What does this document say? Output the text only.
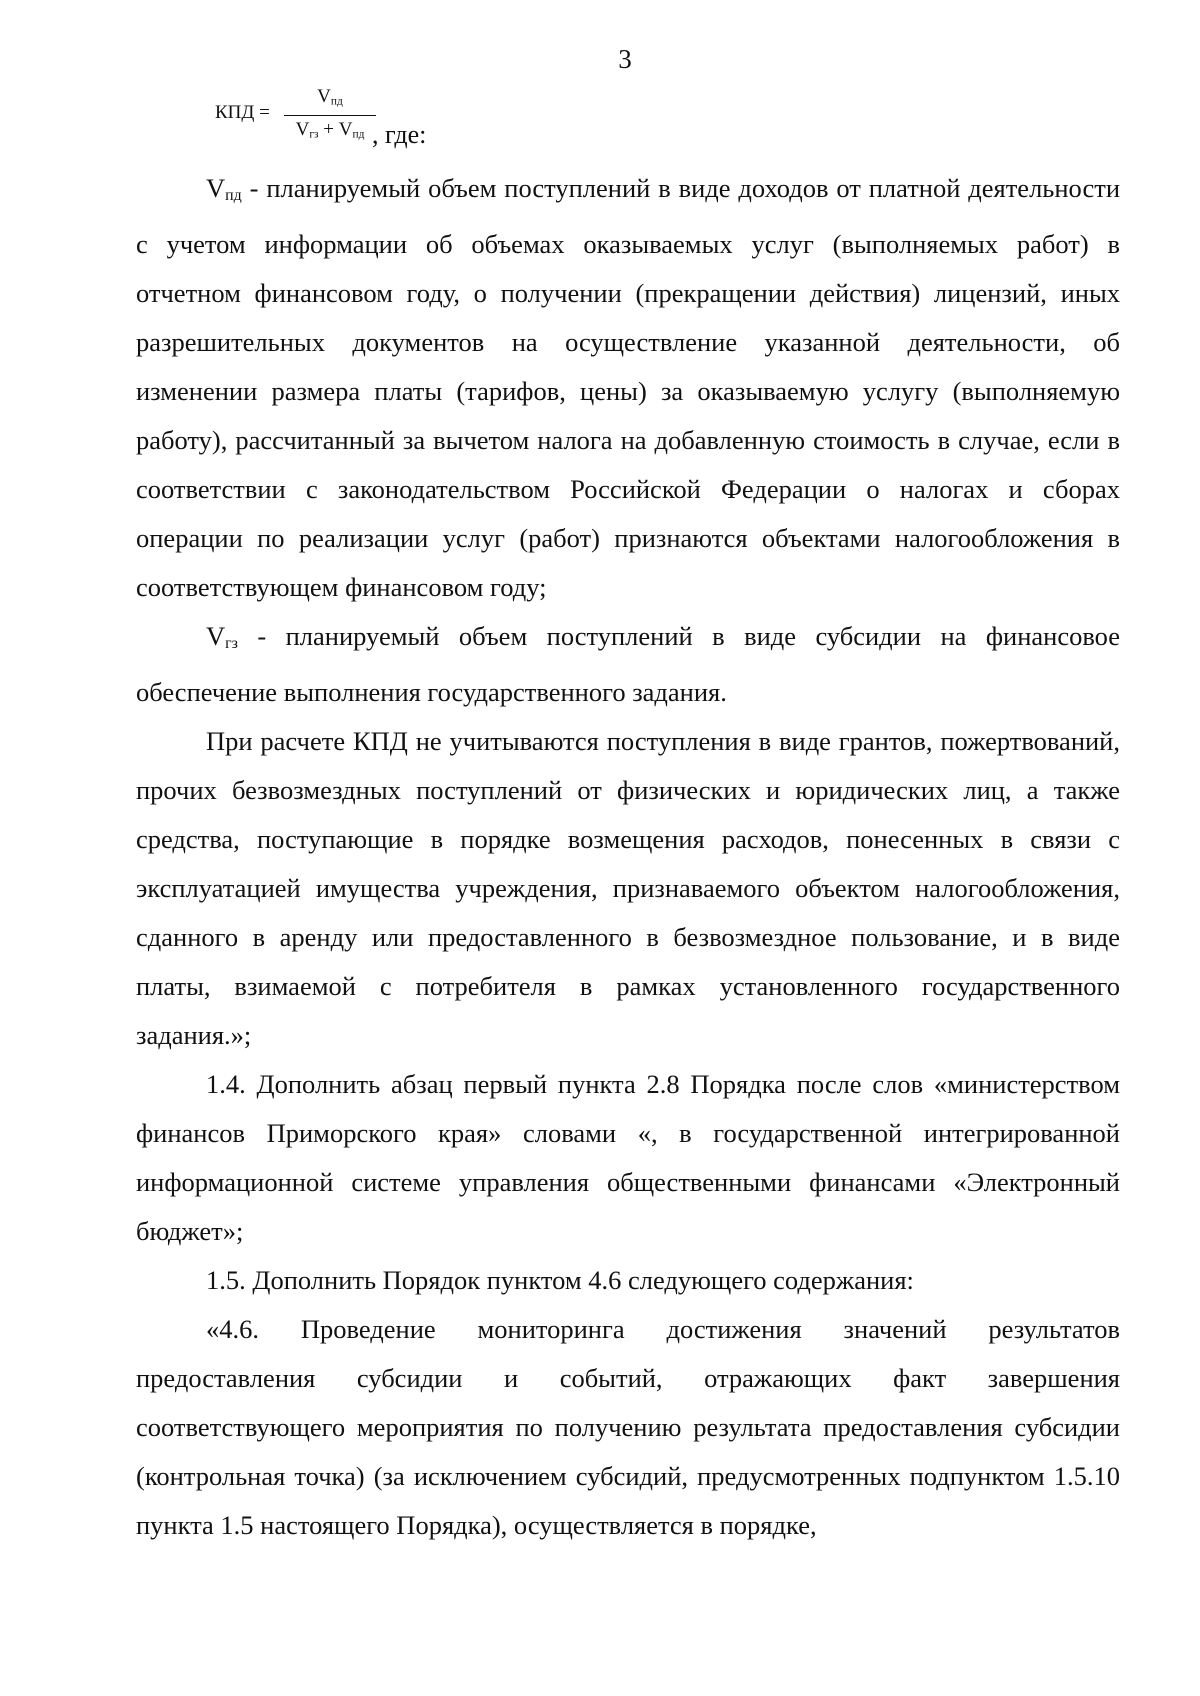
3
КПД =
$V_{пд}$
$V_{гз} + V_{пд}$ , где:

$V_{пд}$ - планируемый объем поступлений в виде доходов от платной деятельности с учетом информации об объемах оказываемых услуг (выполняемых работ) в отчетном финансовом году, о получении (прекращении действия) лицензий, иных разрешительных документов на осуществление указанной деятельности, об изменении размера платы (тарифов, цены) за оказываемую услугу (выполняемую работу), рассчитанный за вычетом налога на добавленную стоимость в случае, если в соответствии с законодательством Российской Федерации о налогах и сборах операции по реализации услуг (работ) признаются объектами налогообложения в соответствующем финансовом году;

$V_{гз}$ - планируемый объем поступлений в виде субсидии на финансовое обеспечение выполнения государственного задания.

При расчете КПД не учитываются поступления в виде грантов, пожертвований, прочих безвозмездных поступлений от физических и юридических лиц, а также средства, поступающие в порядке возмещения расходов, понесенных в связи с эксплуатацией имущества учреждения, признаваемого объектом налогообложения, сданного в аренду или предоставленного в безвозмездное пользование, и в виде платы, взимаемой с потребителя в рамках установленного государственного задания.»;

1.4. Дополнить абзац первый пункта 2.8 Порядка после слов «министерством финансов Приморского края» словами «, в государственной интегрированной информационной системе управления общественными финансами «Электронный бюджет»;

1.5. Дополнить Порядок пунктом 4.6 следующего содержания:

«4.6. Проведение мониторинга достижения значений результатов предоставления субсидии и событий, отражающих факт завершения соответствующего мероприятия по получению результата предоставления субсидии (контрольная точка) (за исключением субсидий, предусмотренных подпунктом 1.5.10 пункта 1.5 настоящего Порядка), осуществляется в порядке,
